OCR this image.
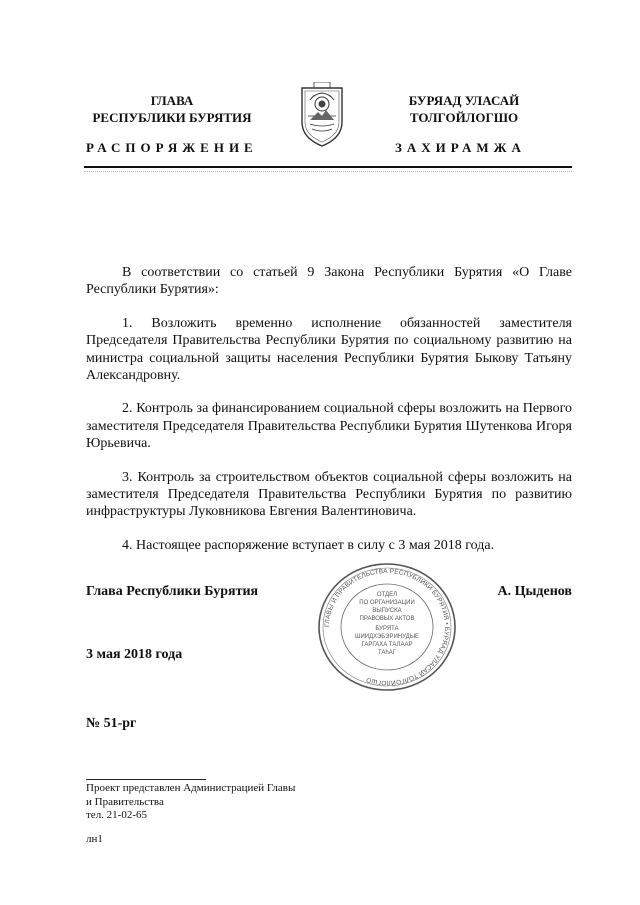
ГЛАВА
РЕСПУБЛИКИ БУРЯТИЯ
РАСПОРЯЖЕНИЕ
БУРЯАД УЛАСАЙ
ТОЛГОЙЛОГШО
ЗАХИРАМЖА

В соответствии со статьей 9 Закона Республики Бурятия «О Главе Республики Бурятия»:

1. Возложить временно исполнение обязанностей заместителя Председателя Правительства Республики Бурятия по социальному развитию на министра социальной защиты населения Республики Бурятия Быкову Татьяну Александровну.

2. Контроль за финансированием социальной сферы возложить на Первого заместителя Председателя Правительства Республики Бурятия Шутенкова Игоря Юрьевича.

3. Контроль за строительством объектов социальной сферы возложить на заместителя Председателя Правительства Республики Бурятия по развитию инфраструктуры Луковникова Евгения Валентиновича.

4. Настоящее распоряжение вступает в силу с 3 мая 2018 года.

Глава Республики Бурятия	А. Цыденов
ГЛАВЫ И ПРАВИТЕЛЬСТВА РЕСПУБЛИКИ БУРЯТИЯ • БУРЯАД УЛАСАЙ ТОЛГОЙЛОГШО
ОТДЕЛ
ПО ОРГАНИЗАЦИИ
ВЫПУСКА
ПРАВОВЫХ АКТОВ
БУРЯТА
ШИИДХЭБЭРИНУДЫЕ
ГАРГАХА ТАЛААР
ТАһАГ
3 мая 2018 года
№ 51-рг
Проект представлен Администрацией Главы
и Правительства
тел. 21-02-65
лн1
